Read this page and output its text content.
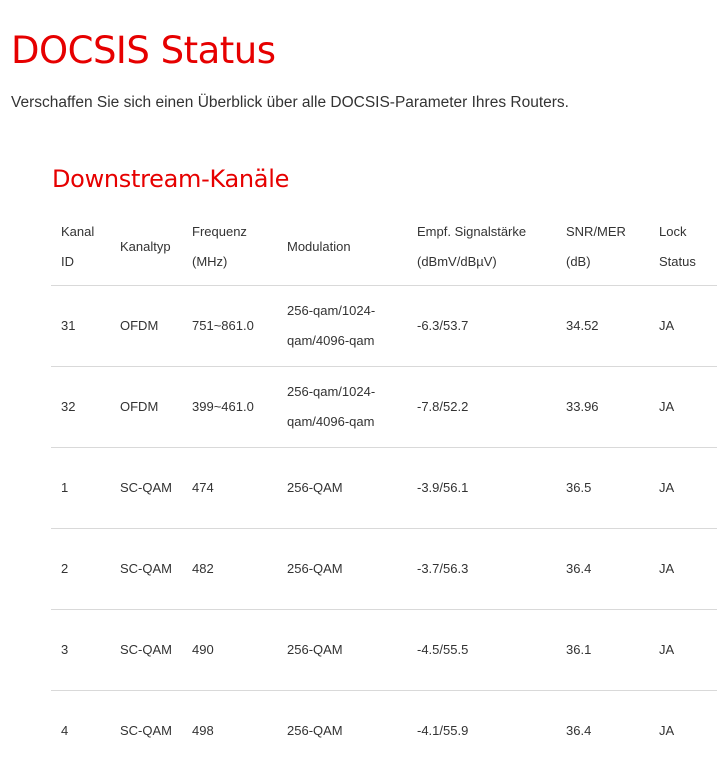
DOCSIS Status

Verschaffen Sie sich einen Überblick über alle DOCSIS-Parameter Ihres Routers.

Downstream-Kanäle
Kanal ID	Kanaltyp	Frequenz (MHz)	Modulation	Empf. Signalstärke (dBmV/dBµV)	SNR/MER (dB)	Lock Status
31	OFDM	751~861.0	256-qam/1024-qam/4096-qam	-6.3/53.7	34.52	JA
32	OFDM	399~461.0	256-qam/1024-qam/4096-qam	-7.8/52.2	33.96	JA
1	SC-QAM	474	256-QAM	-3.9/56.1	36.5	JA
2	SC-QAM	482	256-QAM	-3.7/56.3	36.4	JA
3	SC-QAM	490	256-QAM	-4.5/55.5	36.1	JA
4	SC-QAM	498	256-QAM	-4.1/55.9	36.4	JA
